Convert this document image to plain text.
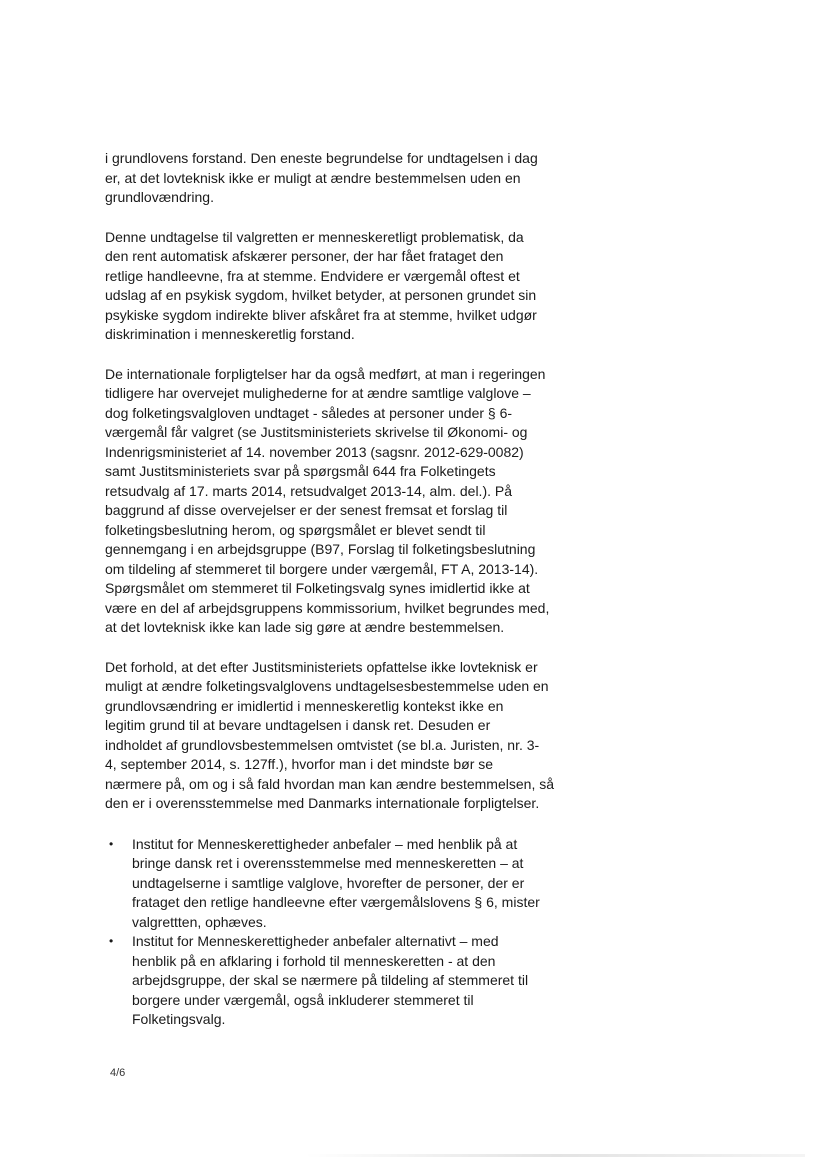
i grundlovens forstand. Den eneste begrundelse for undtagelsen i dag
er, at det lovteknisk ikke er muligt at ændre bestemmelsen uden en
grundlovændring.

Denne undtagelse til valgretten er menneskeretligt problematisk, da
den rent automatisk afskærer personer, der har fået frataget den
retlige handleevne, fra at stemme. Endvidere er værgemål oftest et
udslag af en psykisk sygdom, hvilket betyder, at personen grundet sin
psykiske sygdom indirekte bliver afskåret fra at stemme, hvilket udgør
diskrimination i menneskeretlig forstand.

De internationale forpligtelser har da også medført, at man i regeringen
tidligere har overvejet mulighederne for at ændre samtlige valglove –
dog folketingsvalgloven undtaget - således at personer under § 6-
værgemål får valgret (se Justitsministeriets skrivelse til Økonomi- og
Indenrigsministeriet af 14. november 2013 (sagsnr. 2012-629-0082)
samt Justitsministeriets svar på spørgsmål 644 fra Folketingets
retsudvalg af 17. marts 2014, retsudvalget 2013-14, alm. del.). På
baggrund af disse overvejelser er der senest fremsat et forslag til
folketingsbeslutning herom, og spørgsmålet er blevet sendt til
gennemgang i en arbejdsgruppe (B97, Forslag til folketingsbeslutning
om tildeling af stemmeret til borgere under værgemål, FT A, 2013-14).
Spørgsmålet om stemmeret til Folketingsvalg synes imidlertid ikke at
være en del af arbejdsgruppens kommissorium, hvilket begrundes med,
at det lovteknisk ikke kan lade sig gøre at ændre bestemmelsen.

Det forhold, at det efter Justitsministeriets opfattelse ikke lovteknisk er
muligt at ændre folketingsvalglovens undtagelsesbestemmelse uden en
grundlovsændring er imidlertid i menneskeretlig kontekst ikke en
legitim grund til at bevare undtagelsen i dansk ret. Desuden er
indholdet af grundlovsbestemmelsen omtvistet (se bl.a. Juristen, nr. 3-
4, september 2014, s. 127ff.), hvorfor man i det mindste bør se
nærmere på, om og i så fald hvordan man kan ændre bestemmelsen, så
den er i overensstemmelse med Danmarks internationale forpligtelser.

• Institut for Menneskerettigheder anbefaler – med henblik på at
bringe dansk ret i overensstemmelse med menneskeretten – at
undtagelserne i samtlige valglove, hvorefter de personer, der er
frataget den retlige handleevne efter værgemålslovens § 6, mister
valgrettten, ophæves.
• Institut for Menneskerettigheder anbefaler alternativt – med
henblik på en afklaring i forhold til menneskeretten - at den
arbejdsgruppe, der skal se nærmere på tildeling af stemmeret til
borgere under værgemål, også inkluderer stemmeret til
Folketingsvalg.
4/6
